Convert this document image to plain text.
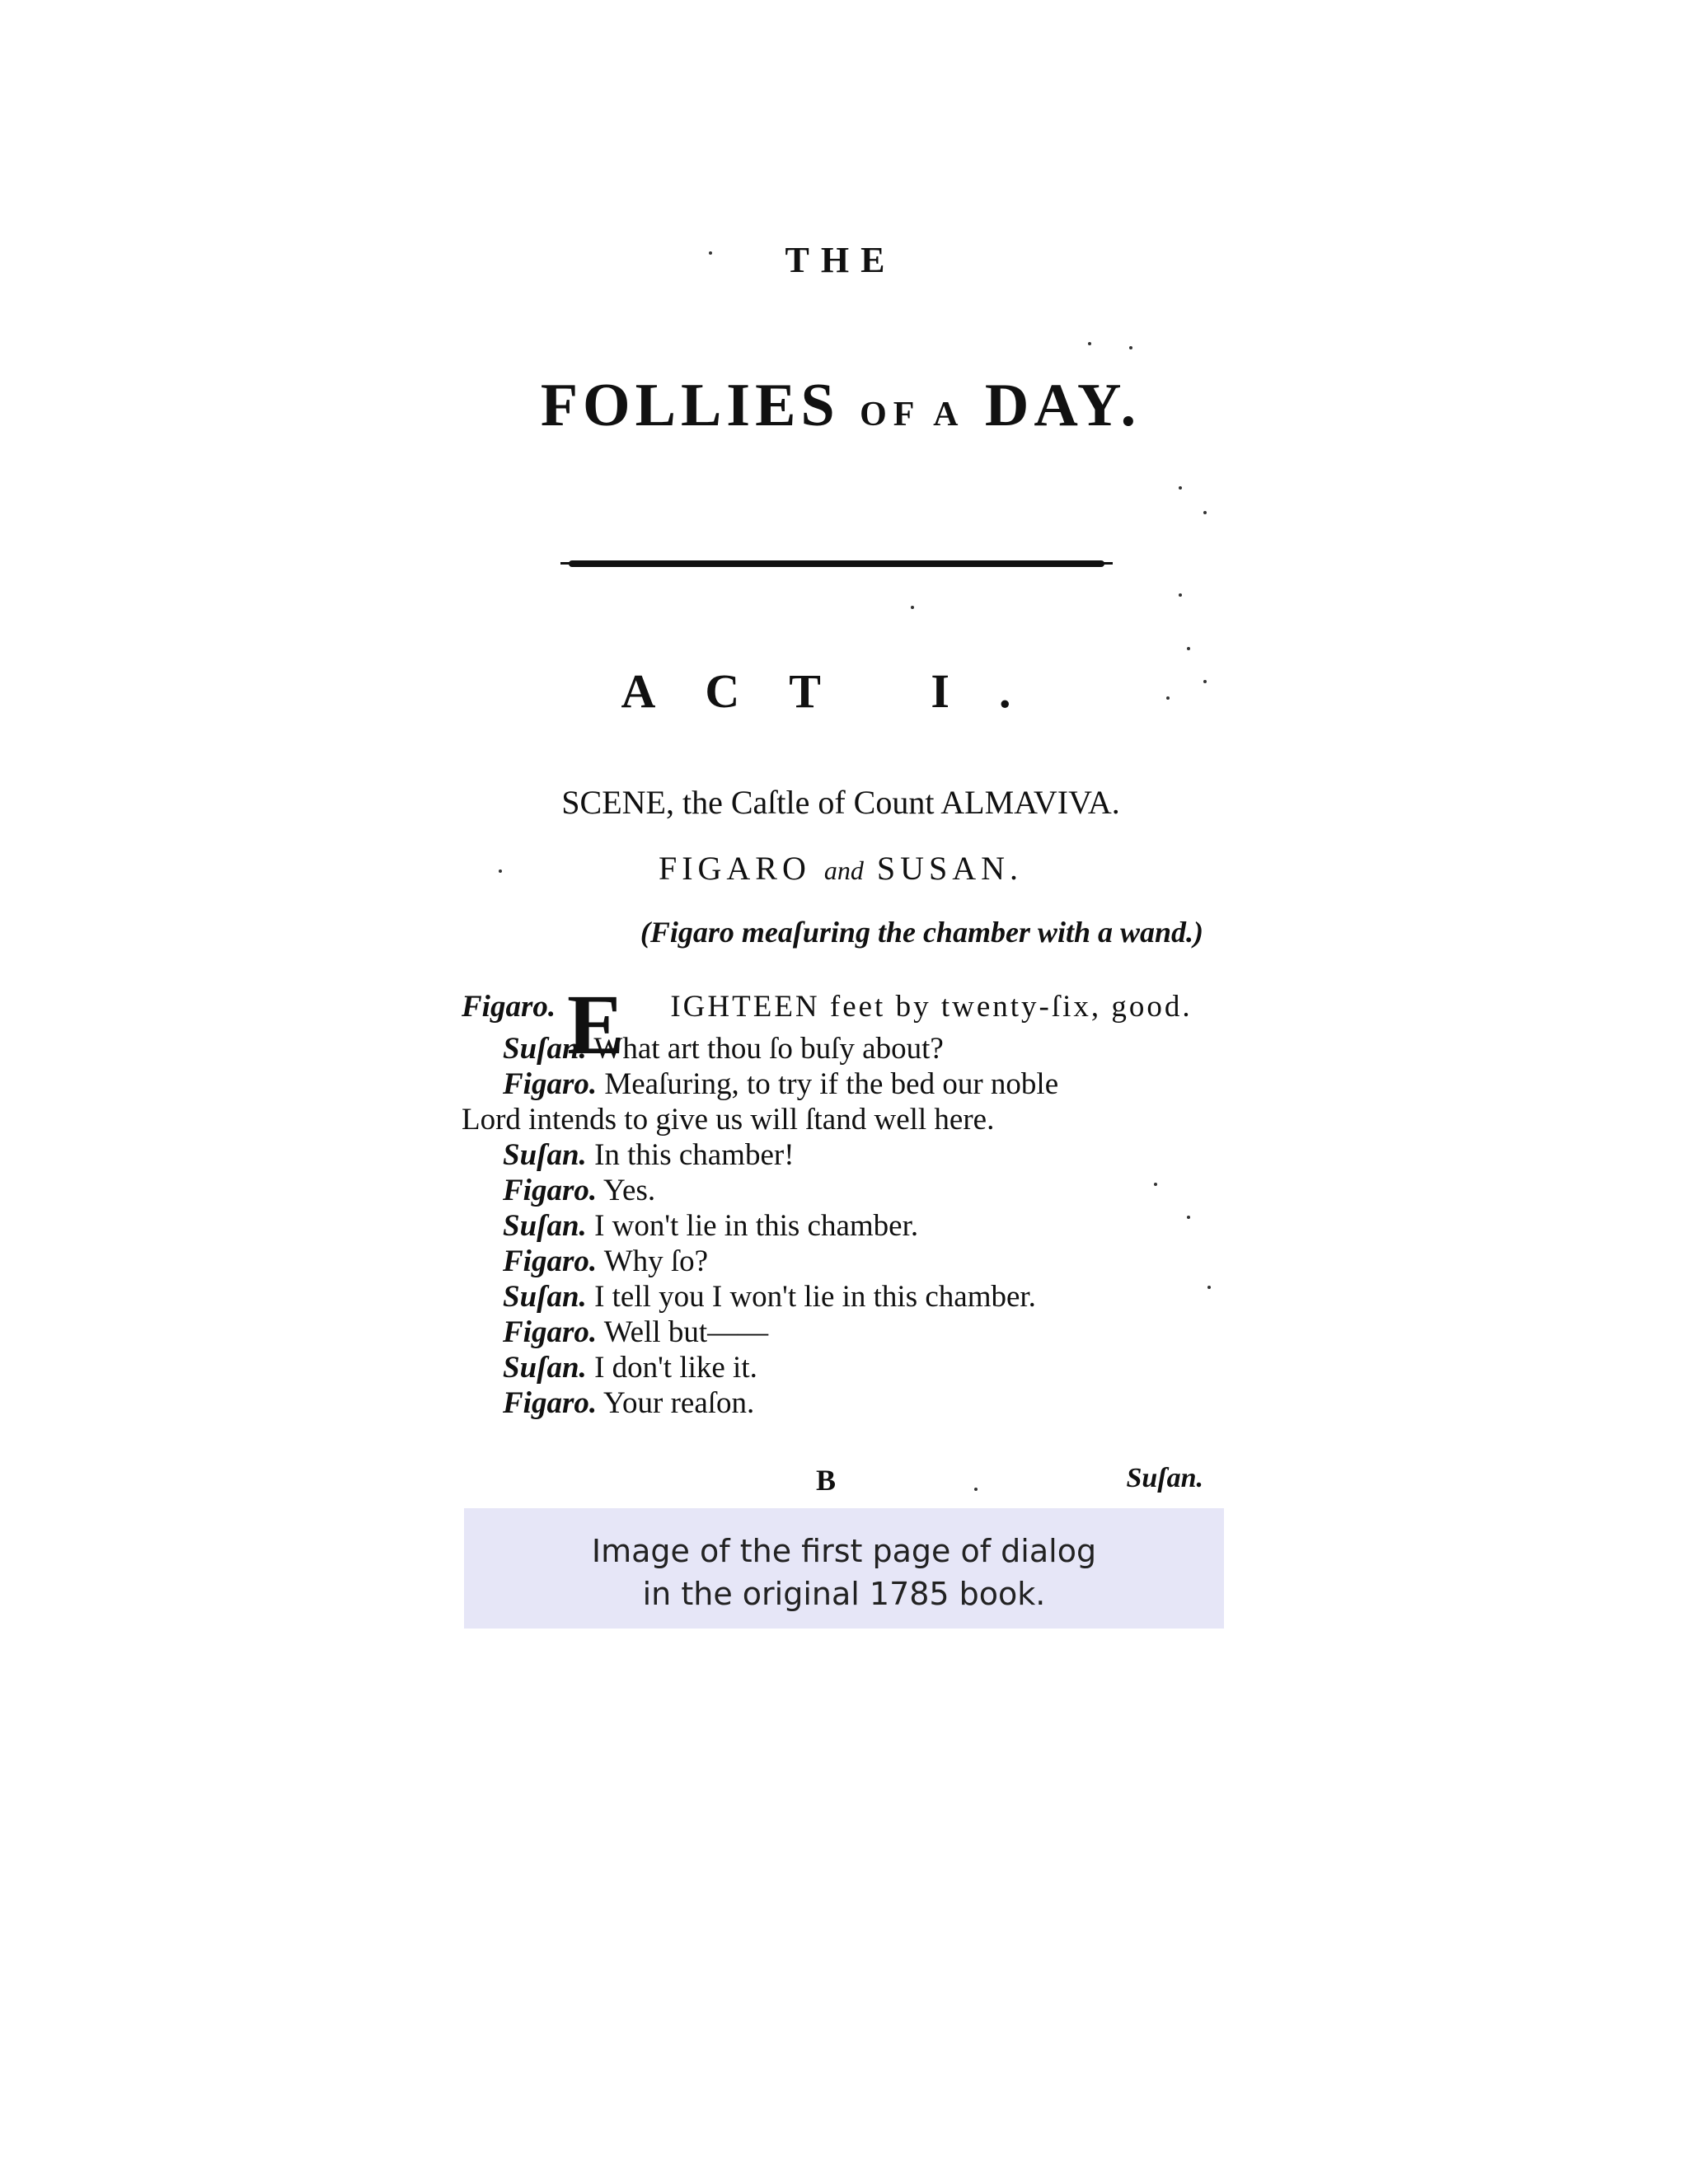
THE
FOLLIES OF A DAY.
ACT I.
SCENE, the Caſtle of Count ALMAVIVA.
FIGARO and SUSAN.
(Figaro meaſuring the chamber with a wand.)
Figaro. E IGHTEEN feet by twenty-ſix, good.
Suſan. What art thou ſo buſy about?
Figaro. Meaſuring, to try if the bed our noble
Lord intends to give us will ſtand well here.
Suſan. In this chamber!
Figaro. Yes.
Suſan. I won't lie in this chamber.
Figaro. Why ſo?
Suſan. I tell you I won't lie in this chamber.
Figaro. Well but——
Suſan. I don't like it.
Figaro. Your reaſon.
B	Suſan.
Image of the first page of dialog
in the original 1785 book.
